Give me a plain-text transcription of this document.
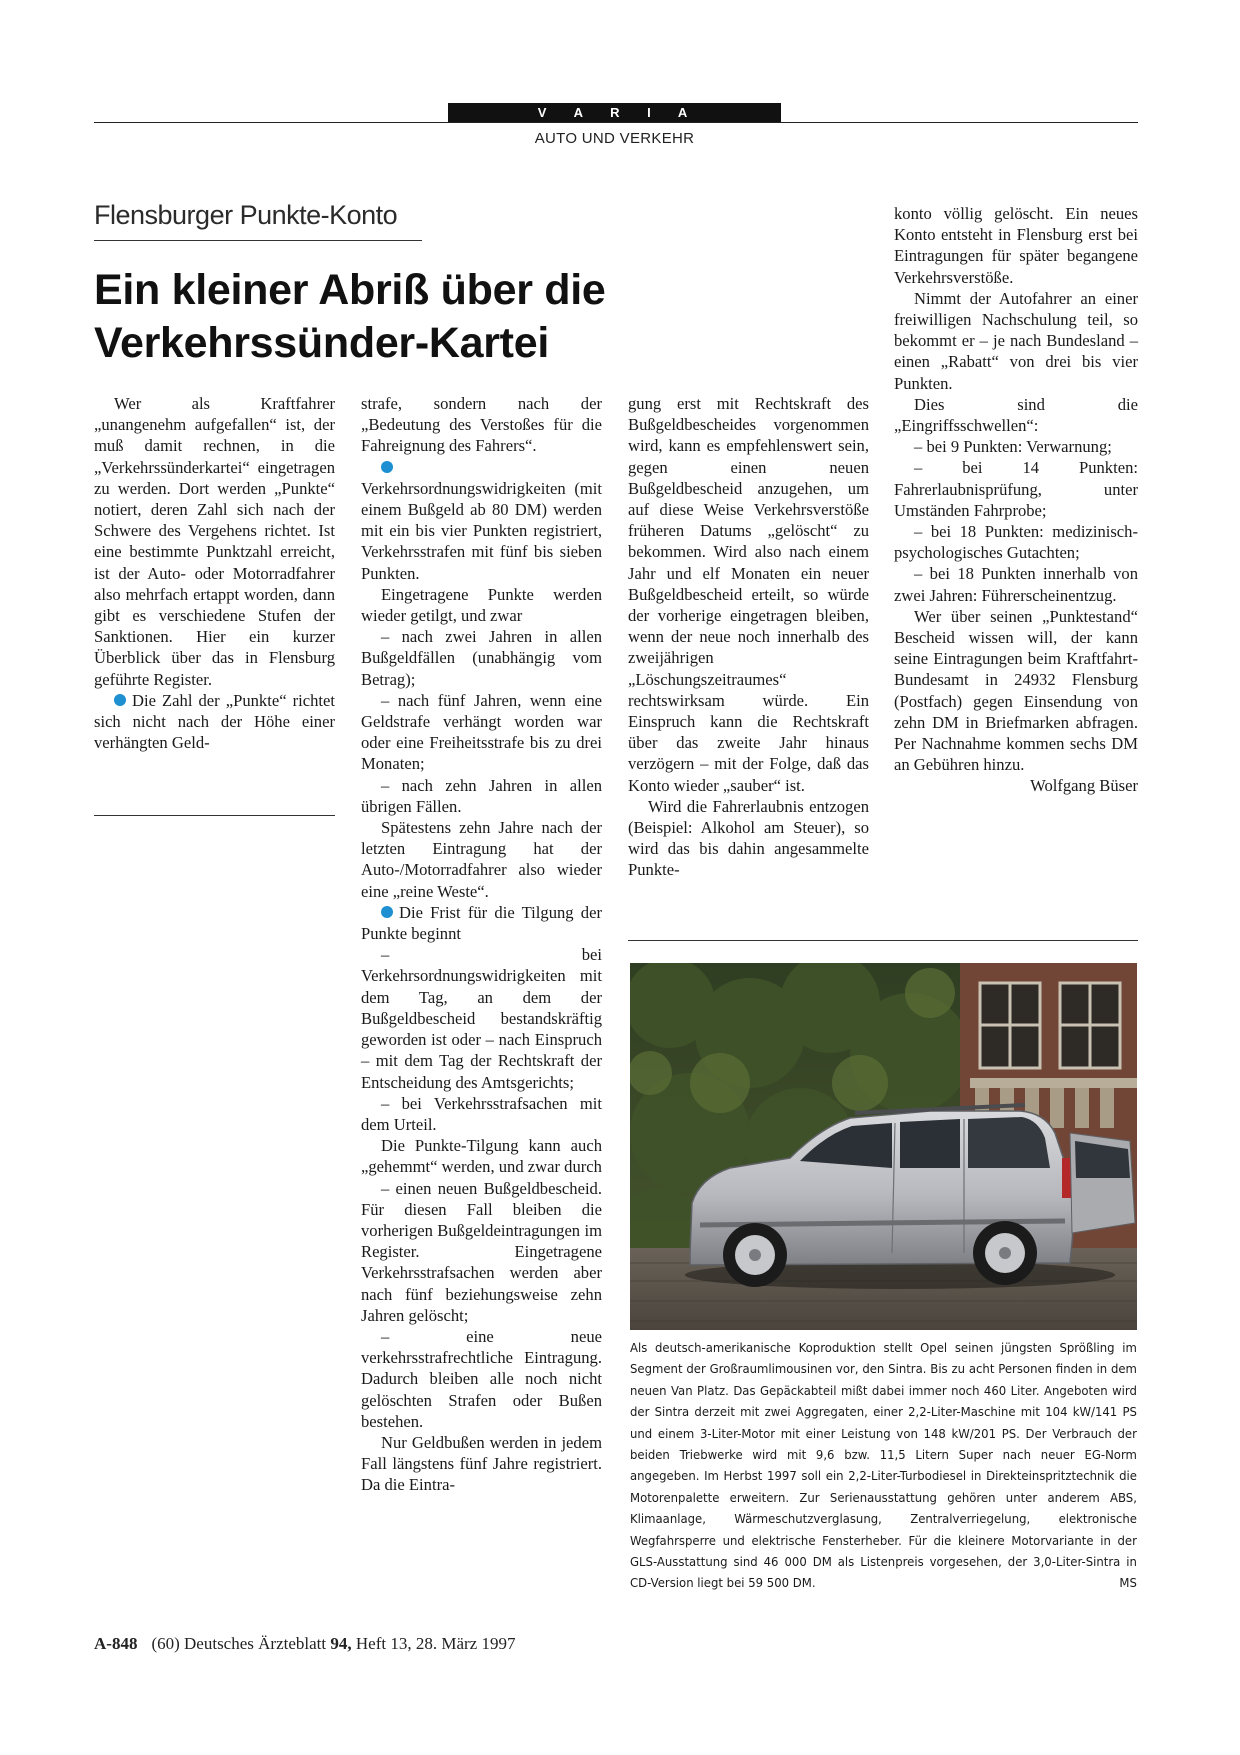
V A R I A
AUTO UND VERKEHR
Flensburger Punkte-Konto
Ein kleiner Abriß über die
Verkehrssünder-Kartei

Wer als Kraftfahrer „unangenehm aufgefallen“ ist, der muß damit rechnen, in die „Verkehrssünderkartei“ eingetragen zu werden. Dort werden „Punkte“ notiert, deren Zahl sich nach der Schwere des Vergehens richtet. Ist eine bestimmte Punktzahl erreicht, ist der Auto- oder Motorradfahrer also mehrfach ertappt worden, dann gibt es verschiedene Stufen der Sanktionen. Hier ein kurzer Überblick über das in Flensburg geführte Register.

Die Zahl der „Punkte“ richtet sich nicht nach der Höhe einer verhängten Geld-

strafe, sondern nach der „Bedeutung des Verstoßes für die Fahreignung des Fahrers“.

Verkehrsordnungswidrigkeiten (mit einem Bußgeld ab 80 DM) werden mit ein bis vier Punkten registriert, Verkehrsstrafen mit fünf bis sieben Punkten.

Eingetragene Punkte werden wieder getilgt, und zwar

– nach zwei Jahren in allen Bußgeldfällen (unabhängig vom Betrag);

– nach fünf Jahren, wenn eine Geldstrafe verhängt worden war oder eine Freiheitsstrafe bis zu drei Monaten;

– nach zehn Jahren in allen übrigen Fällen.

Spätestens zehn Jahre nach der letzten Eintragung hat der Auto-/Motorradfahrer also wieder eine „reine Weste“.

Die Frist für die Tilgung der Punkte beginnt

– bei Verkehrsordnungswidrigkeiten mit dem Tag, an dem der Bußgeldbescheid bestandskräftig geworden ist oder – nach Einspruch – mit dem Tag der Rechtskraft der Entscheidung des Amtsgerichts;

– bei Verkehrsstrafsachen mit dem Urteil.

Die Punkte-Tilgung kann auch „gehemmt“ werden, und zwar durch

– einen neuen Bußgeldbescheid. Für diesen Fall bleiben die vorherigen Bußgeldeintragungen im Register. Eingetragene Verkehrsstrafsachen werden aber nach fünf beziehungsweise zehn Jahren gelöscht;

– eine neue verkehrsstrafrechtliche Eintragung. Dadurch bleiben alle noch nicht gelöschten Strafen oder Bußen bestehen.

Nur Geldbußen werden in jedem Fall längstens fünf Jahre registriert. Da die Eintra-

gung erst mit Rechtskraft des Bußgeldbescheides vorgenommen wird, kann es empfehlenswert sein, gegen einen neuen Bußgeldbescheid anzugehen, um auf diese Weise Verkehrsverstöße früheren Datums „gelöscht“ zu bekommen. Wird also nach einem Jahr und elf Monaten ein neuer Bußgeldbescheid erteilt, so würde der vorherige eingetragen bleiben, wenn der neue noch innerhalb des zweijährigen „Löschungszeitraumes“ rechtswirksam würde. Ein Einspruch kann die Rechtskraft über das zweite Jahr hinaus verzögern – mit der Folge, daß das Konto wieder „sauber“ ist.

Wird die Fahrerlaubnis entzogen (Beispiel: Alkohol am Steuer), so wird das bis dahin angesammelte Punkte-

konto völlig gelöscht. Ein neues Konto entsteht in Flensburg erst bei Eintragungen für später begangene Verkehrsverstöße.

Nimmt der Autofahrer an einer freiwilligen Nachschulung teil, so bekommt er – je nach Bundesland – einen „Rabatt“ von drei bis vier Punkten.

Dies sind die „Eingriffsschwellen“:

– bei 9 Punkten: Verwarnung;

– bei 14 Punkten: Fahrerlaubnisprüfung, unter Umständen Fahrprobe;

– bei 18 Punkten: medizinisch-psychologisches Gutachten;

– bei 18 Punkten innerhalb von zwei Jahren: Führerscheinentzug.

Wer über seinen „Punktestand“ Bescheid wissen will, der kann seine Eintragungen beim Kraftfahrt-Bundesamt in 24932 Flensburg (Postfach) gegen Einsendung von zehn DM in Briefmarken abfragen. Per Nachnahme kommen sechs DM an Gebühren hinzu.
Wolfgang Büser

Als deutsch-amerikanische Koproduktion stellt Opel seinen jüngsten Sprößling im Segment der Großraumlimousinen vor, den Sintra. Bis zu acht Personen finden in dem neuen Van Platz. Das Gepäckabteil mißt dabei immer noch 460 Liter. Angeboten wird der Sintra derzeit mit zwei Aggregaten, einer 2,2-Liter-Maschine mit 104 kW/141 PS und einem 3-Liter-Motor mit einer Leistung von 148 kW/201 PS. Der Verbrauch der beiden Triebwerke wird mit 9,6 bzw. 11,5 Litern Super nach neuer EG-Norm angegeben. Im Herbst 1997 soll ein 2,2-Liter-Turbodiesel in Direkteinspritztechnik die Motorenpalette erweitern. Zur Serienausstattung gehören unter anderem ABS, Klimaanlage, Wärmeschutzverglasung, Zentralverriegelung, elektronische Wegfahrsperre und elektrische Fensterheber. Für die kleinere Motorvariante in der GLS-Ausstattung sind 46 000 DM als Listenpreis vorgesehen, der 3,0-Liter-Sintra in CD-Version liegt bei 59 500 DM.	MS
A-848 (60) Deutsches Ärzteblatt 94, Heft 13, 28. März 1997
